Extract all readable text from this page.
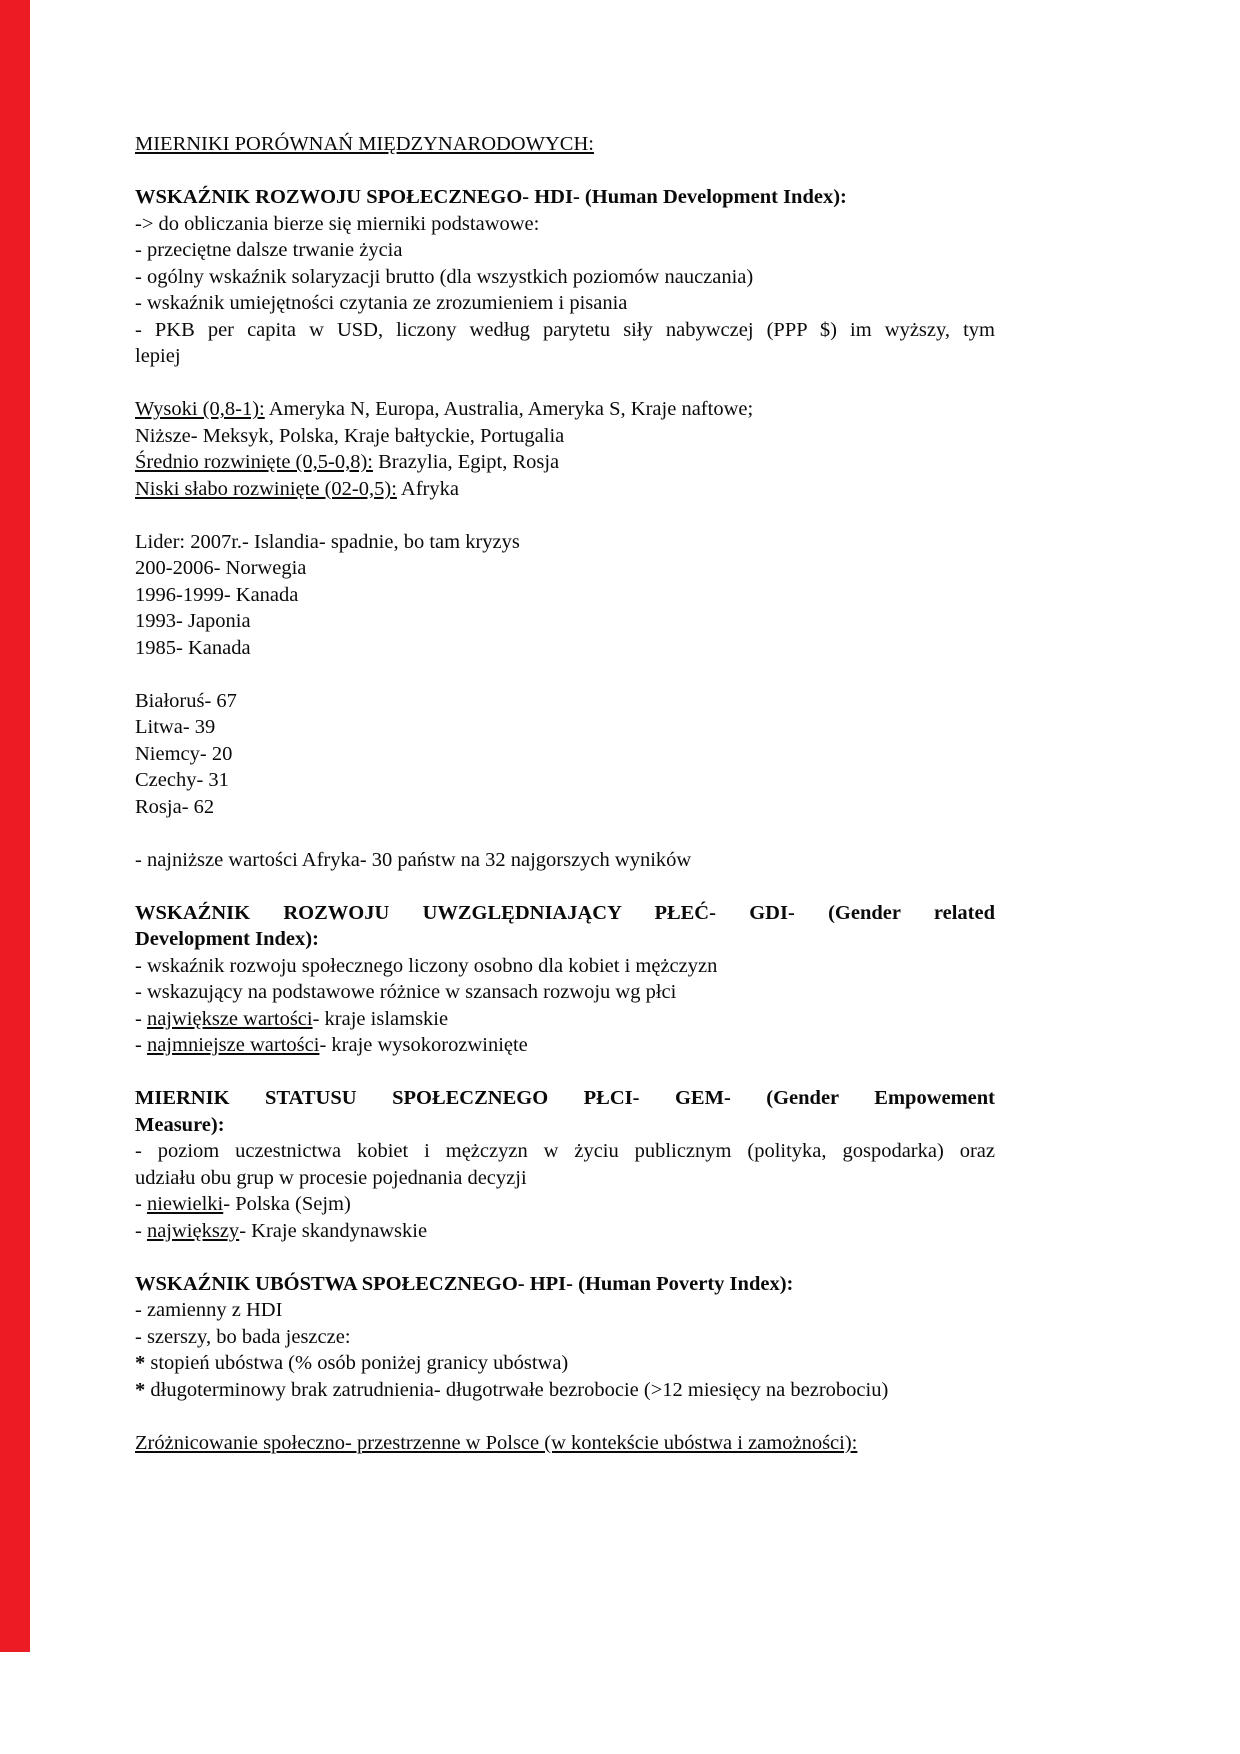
MIERNIKI PORÓWNAŃ MIĘDZYNARODOWYCH:

WSKAŹNIK ROZWOJU SPOŁECZNEGO- HDI- (Human Development Index):

-> do obliczania bierze się mierniki podstawowe:

- przeciętne dalsze trwanie życia

- ogólny wskaźnik solaryzacji brutto (dla wszystkich poziomów nauczania)

- wskaźnik umiejętności czytania ze zrozumieniem i pisania

- PKB per capita w USD, liczony według parytetu siły nabywczej (PPP $) im wyższy, tym

lepiej

Wysoki (0,8-1): Ameryka N, Europa, Australia, Ameryka S, Kraje naftowe;

Niższe- Meksyk, Polska, Kraje bałtyckie, Portugalia

Średnio rozwinięte (0,5-0,8): Brazylia, Egipt, Rosja

Niski słabo rozwinięte (02-0,5): Afryka

Lider: 2007r.- Islandia- spadnie, bo tam kryzys

200-2006- Norwegia

1996-1999- Kanada

1993- Japonia

1985- Kanada

Białoruś- 67

Litwa- 39

Niemcy- 20

Czechy- 31

Rosja- 62

- najniższe wartości Afryka- 30 państw na 32 najgorszych wyników

WSKAŹNIK ROZWOJU UWZGLĘDNIAJĄCY PŁEĆ- GDI- (Gender related

Development Index):

- wskaźnik rozwoju społecznego liczony osobno dla kobiet i mężczyzn

- wskazujący na podstawowe różnice w szansach rozwoju wg płci

- największe wartości- kraje islamskie

- najmniejsze wartości- kraje wysokorozwinięte

MIERNIK STATUSU SPOŁECZNEGO PŁCI- GEM- (Gender Empowement

Measure):

- poziom uczestnictwa kobiet i mężczyzn w życiu publicznym (polityka, gospodarka) oraz

udziału obu grup w procesie pojednania decyzji

- niewielki- Polska (Sejm)

- największy- Kraje skandynawskie

WSKAŹNIK UBÓSTWA SPOŁECZNEGO- HPI- (Human Poverty Index):

- zamienny z HDI

- szerszy, bo bada jeszcze:

* stopień ubóstwa (% osób poniżej granicy ubóstwa)

* długoterminowy brak zatrudnienia- długotrwałe bezrobocie (>12 miesięcy na bezrobociu)

Zróżnicowanie społeczno- przestrzenne w Polsce (w kontekście ubóstwa i zamożności):
